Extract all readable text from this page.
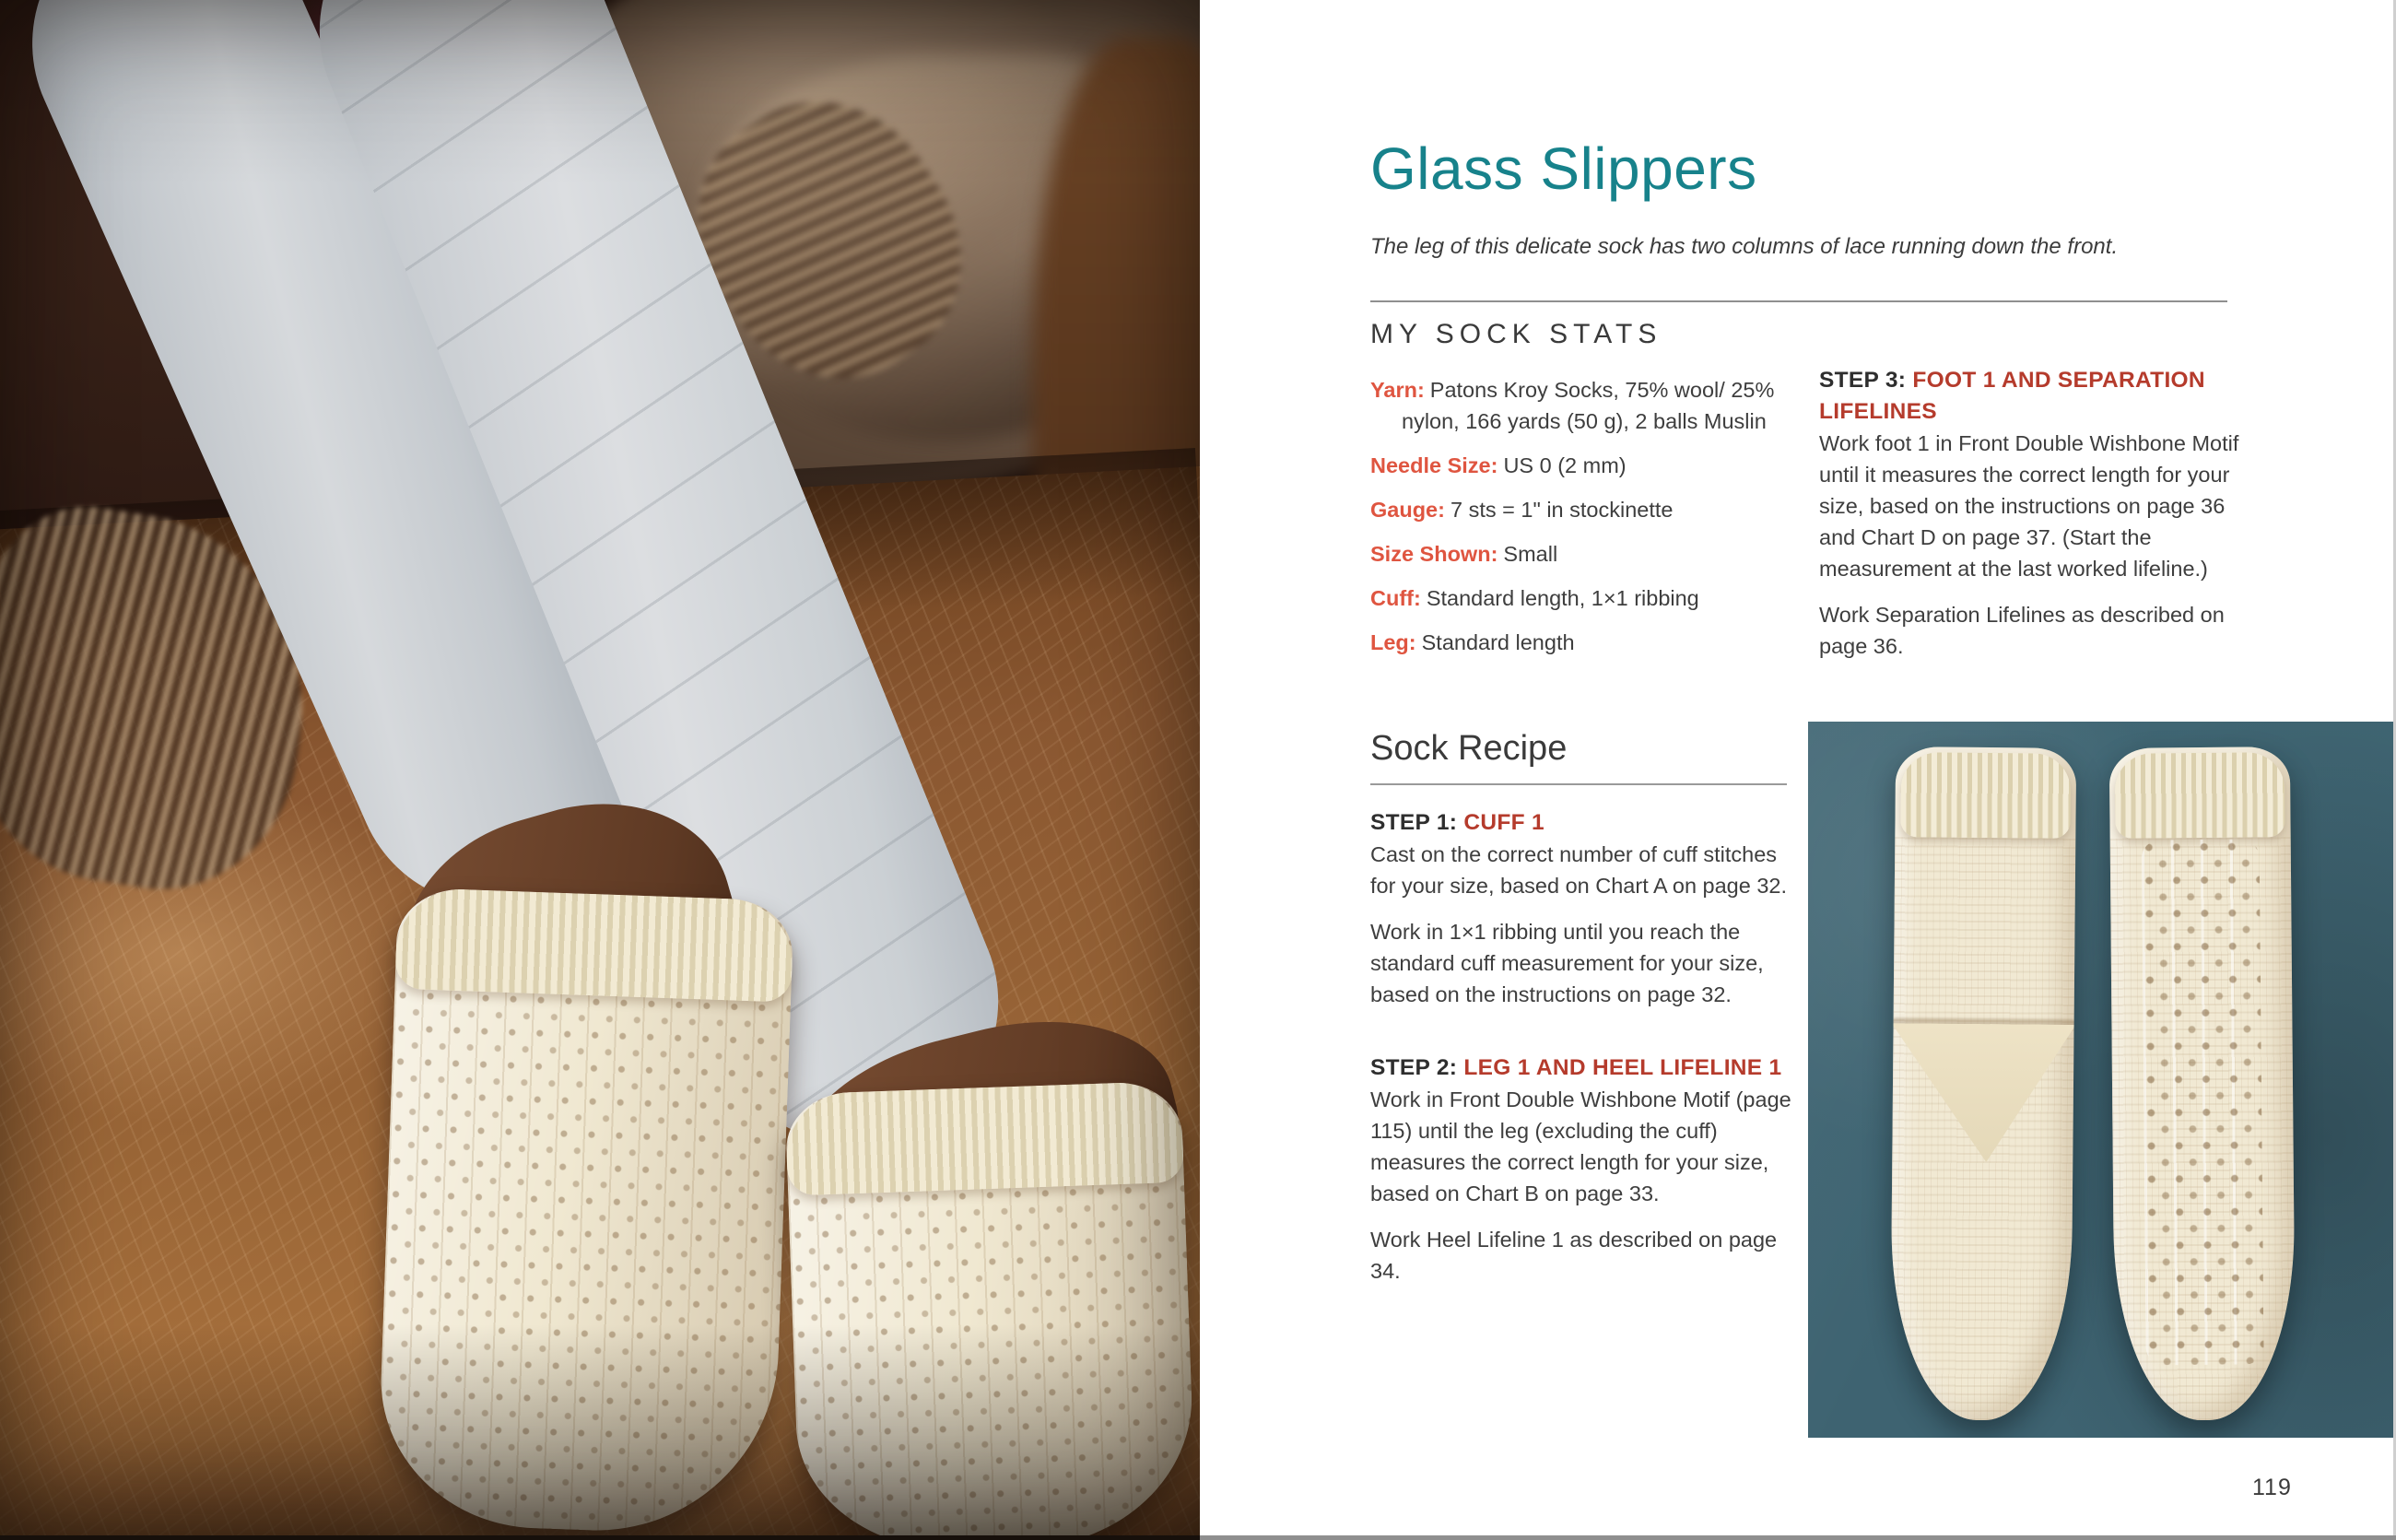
Glass Slippers

The leg of this delicate sock has two columns of lace running down the front.

MY SOCK STATS

Yarn: Patons Kroy Socks, 75% wool/ 25% nylon, 166 yards (50 g), 2 balls Muslin

Needle Size: US 0 (2 mm)

Gauge: 7 sts = 1" in stockinette

Size Shown: Small

Cuff: Standard length, 1×1 ribbing

Leg: Standard length

Sock Recipe

STEP 1: CUFF 1

Cast on the correct number of cuff stitches for your size, based on Chart A on page 32.

Work in 1×1 ribbing until you reach the standard cuff measurement for your size, based on the instructions on page 32.

STEP 2: LEG 1 AND HEEL LIFELINE 1

Work in Front Double Wishbone Motif (page 115) until the leg (excluding the cuff) measures the correct length for your size, based on Chart B on page 33.

Work Heel Lifeline 1 as described on page 34.

STEP 3: FOOT 1 AND SEPARATION LIFELINES

Work foot 1 in Front Double Wishbone Motif until it measures the correct length for your size, based on the instructions on page 36 and Chart D on page 37. (Start the measurement at the last worked lifeline.)

Work Separation Lifelines as described on page 36.

119
